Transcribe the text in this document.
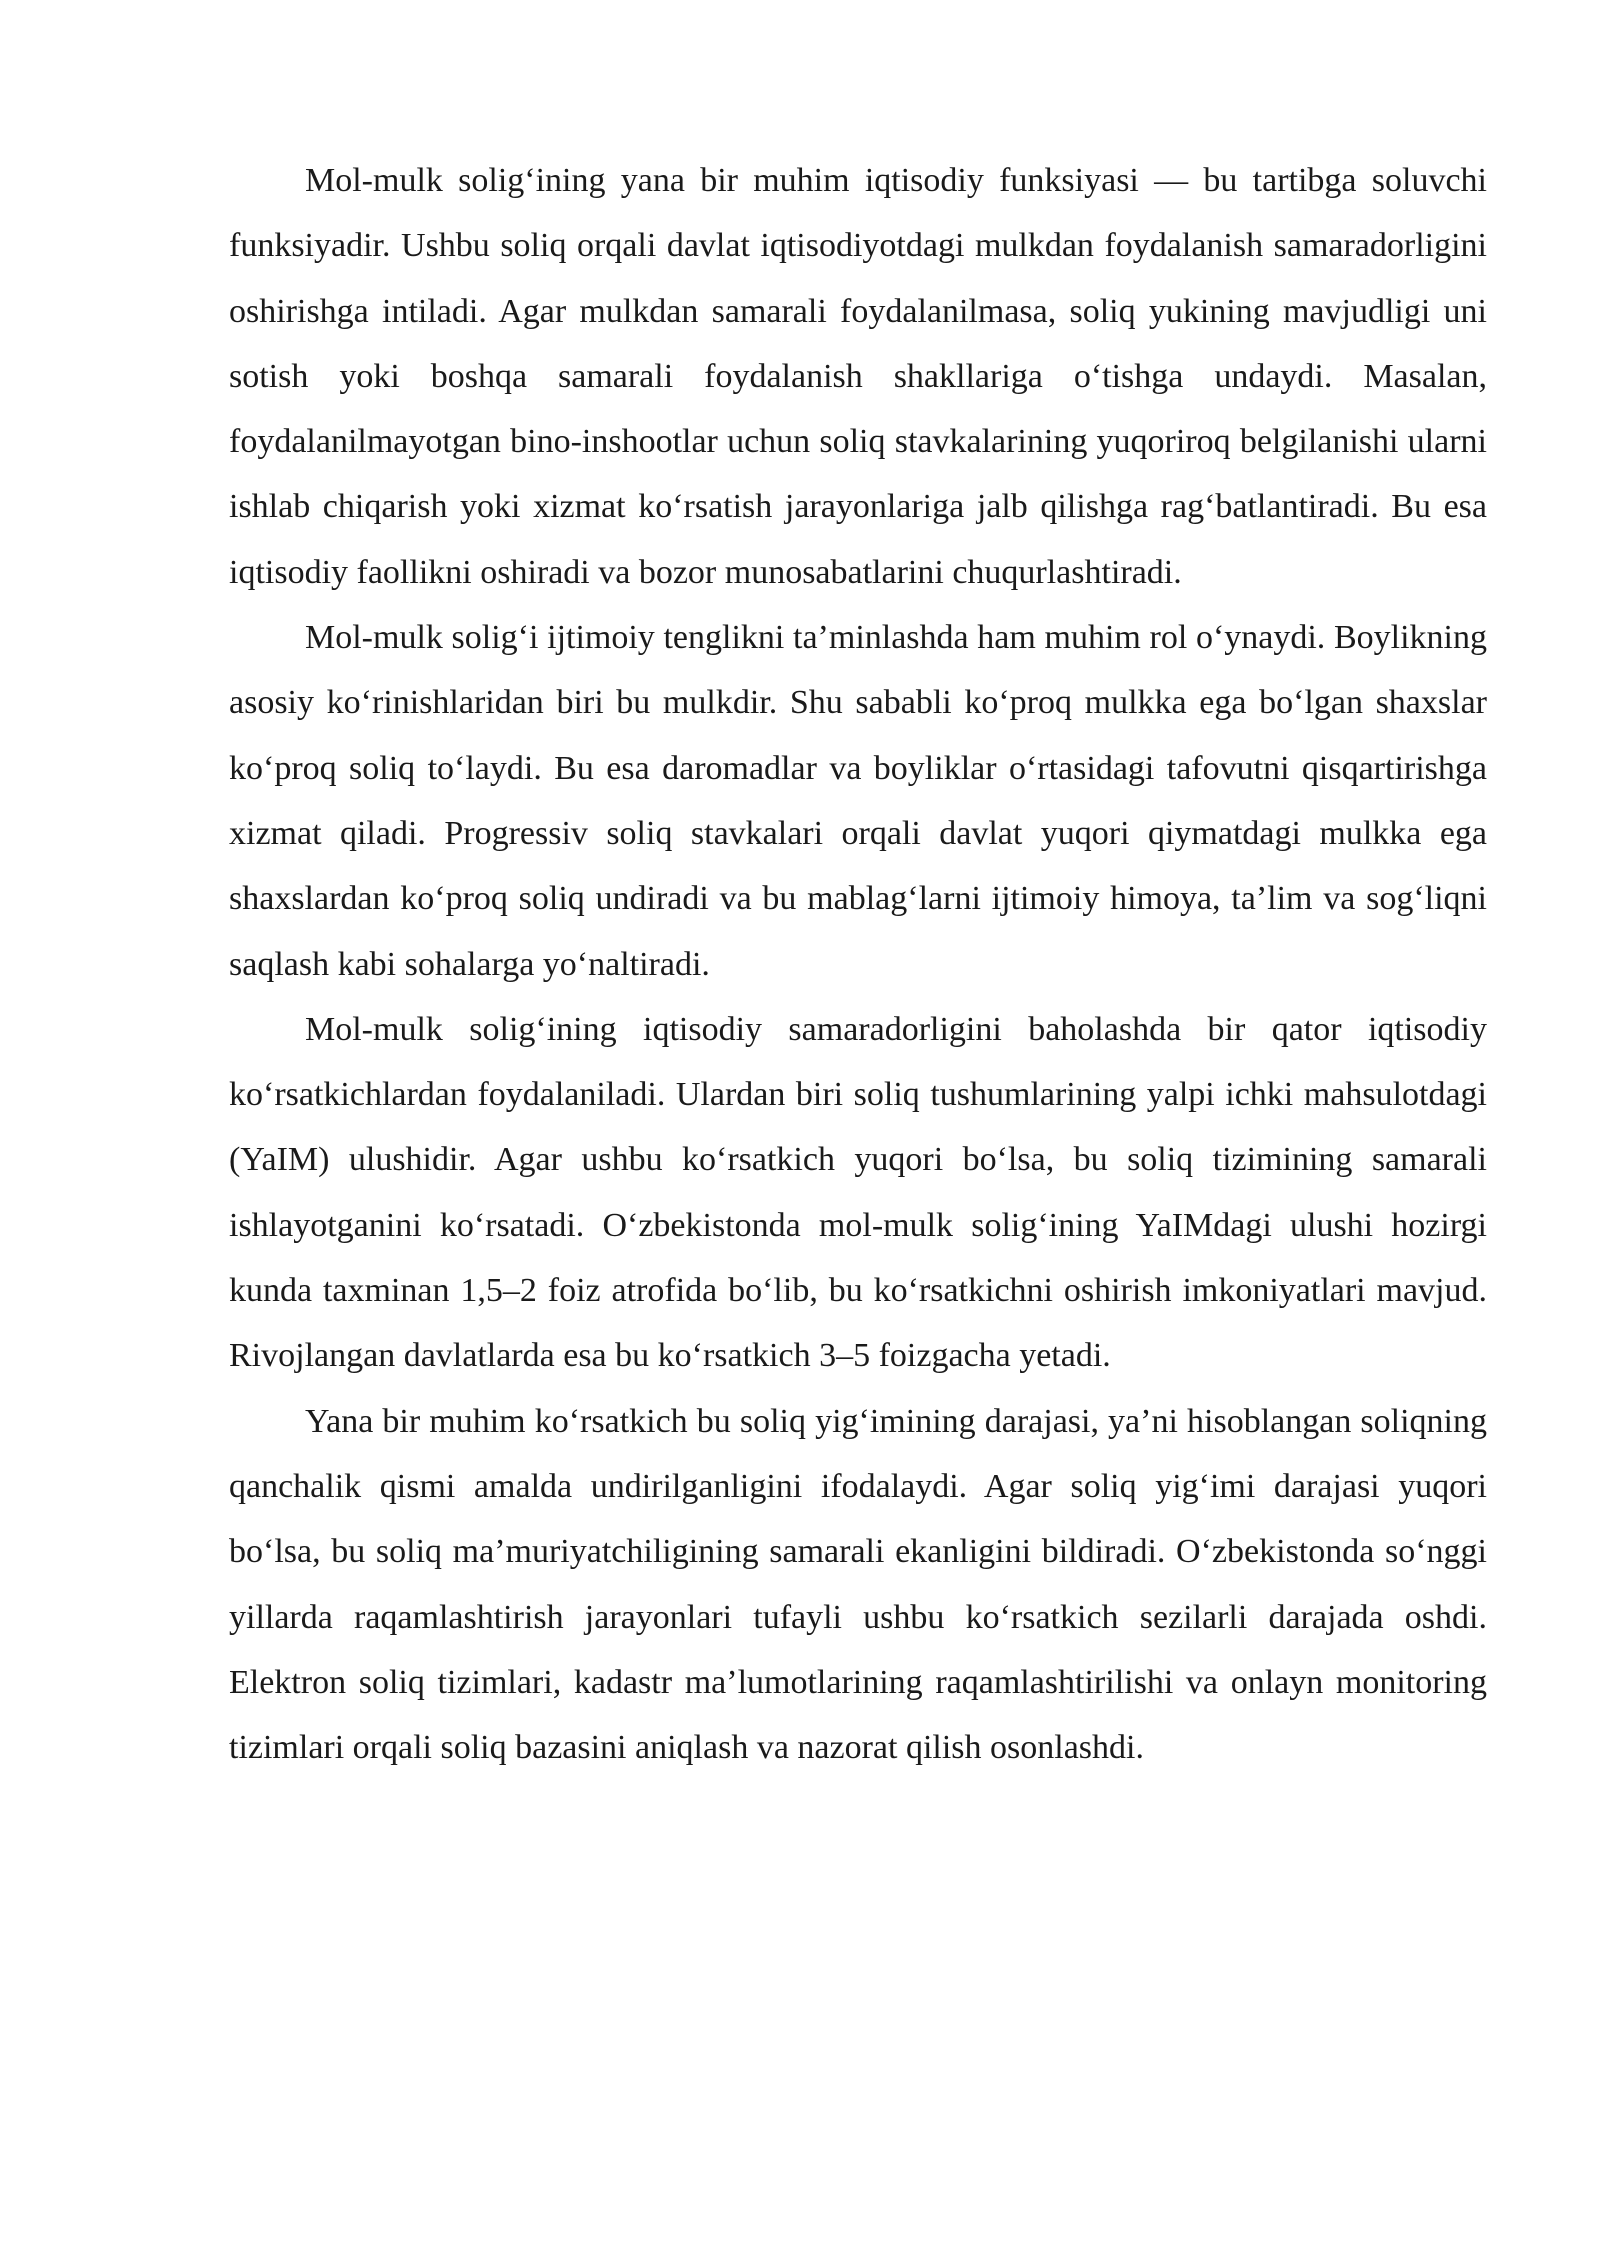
Mol-mulk solig‘ining yana bir muhim iqtisodiy funksiyasi — bu tartibga soluvchi funksiyadir. Ushbu soliq orqali davlat iqtisodiyotdagi mulkdan foydalanish samaradorligini oshirishga intiladi. Agar mulkdan samarali foydalanilmasa, soliq yukining mavjudligi uni sotish yoki boshqa samarali foydalanish shakllariga o‘tishga undaydi. Masalan, foydalanilmayotgan bino-inshootlar uchun soliq stavkalarining yuqoriroq belgilanishi ularni ishlab chiqarish yoki xizmat ko‘rsatish jarayonlariga jalb qilishga rag‘batlantiradi. Bu esa iqtisodiy faollikni oshiradi va bozor munosabatlarini chuqurlashtiradi.

Mol-mulk solig‘i ijtimoiy tenglikni ta’minlashda ham muhim rol o‘ynaydi. Boylikning asosiy ko‘rinishlaridan biri bu mulkdir. Shu sababli ko‘proq mulkka ega bo‘lgan shaxslar ko‘proq soliq to‘laydi. Bu esa daromadlar va boyliklar o‘rtasidagi tafovutni qisqartirishga xizmat qiladi. Progressiv soliq stavkalari orqali davlat yuqori qiymatdagi mulkka ega shaxslardan ko‘proq soliq undiradi va bu mablag‘larni ijtimoiy himoya, ta’lim va sog‘liqni saqlash kabi sohalarga yo‘naltiradi.

Mol-mulk solig‘ining iqtisodiy samaradorligini baholashda bir qator iqtisodiy ko‘rsatkichlardan foydalaniladi. Ulardan biri soliq tushumlarining yalpi ichki mahsulotdagi (YaIM) ulushidir. Agar ushbu ko‘rsatkich yuqori bo‘lsa, bu soliq tizimining samarali ishlayotganini ko‘rsatadi. O‘zbekistonda mol-mulk solig‘ining YaIMdagi ulushi hozirgi kunda taxminan 1,5–2 foiz atrofida bo‘lib, bu ko‘rsatkichni oshirish imkoniyatlari mavjud. Rivojlangan davlatlarda esa bu ko‘rsatkich 3–5 foizgacha yetadi.

Yana bir muhim ko‘rsatkich bu soliq yig‘imining darajasi, ya’ni hisoblangan soliqning qanchalik qismi amalda undirilganligini ifodalaydi. Agar soliq yig‘imi darajasi yuqori bo‘lsa, bu soliq ma’muriyatchiligining samarali ekanligini bildiradi. O‘zbekistonda so‘nggi yillarda raqamlashtirish jarayonlari tufayli ushbu ko‘rsatkich sezilarli darajada oshdi. Elektron soliq tizimlari, kadastr ma’lumotlarining raqamlashtirilishi va onlayn monitoring tizimlari orqali soliq bazasini aniqlash va nazorat qilish osonlashdi.
